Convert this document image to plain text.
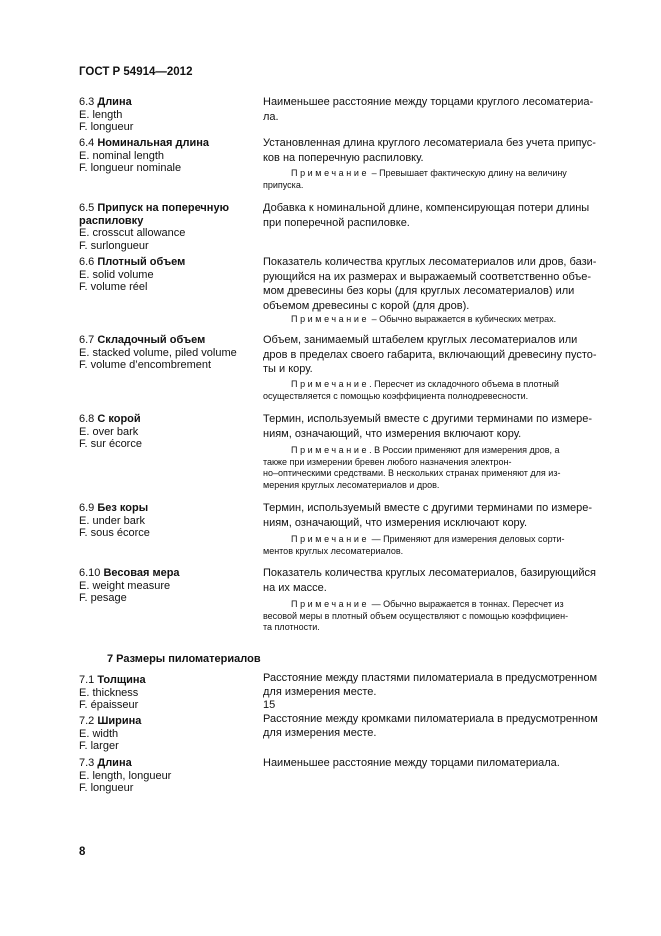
ГОСТ Р 54914—2012
6.3 Длина
E. length
F. longueur
Наименьшее расстояние между торцами круглого лесоматериа-
ла.
6.4 Номинальная длина
E. nominal length
F. longueur nominale
Установленная длина круглого лесоматериала без учета припус-
ков на поперечную распиловку.
Примечание – Превышает фактическую длину на величину
припуска.
6.5 Припуск на поперечную
распиловку
E. crosscut allowance
F. surlongueur
Добавка к номинальной длине, компенсирующая потери длины
при поперечной распиловке.
6.6 Плотный объем
E. solid volume
F. volume réel
Показатель количества круглых лесоматериалов или дров, бази-
рующийся на их размерах и выражаемый соответственно объе-
мом древесины без коры (для круглых лесоматериалов) или
объемом древесины с корой (для дров).
Примечание – Обычно выражается в кубических метрах.
6.7 Складочный объем
E. stacked volume, piled volume
F. volume d’encombrement
Объем, занимаемый штабелем круглых лесоматериалов или
дров в пределах своего габарита, включающий древесину пусто-
ты и кору.
Примечание. Пересчет из складочного объема в плотный
осуществляется с помощью коэффициента полнодревесности.
6.8 С корой
E. over bark
F. sur écorce
Термин, используемый вместе с другими терминами по измере-
ниям, означающий, что измерения включают кору.
Примечание. В России применяют для измерения дров, а
также при измерении бревен любого назначения электрон-
но–оптическими средствами. В нескольких странах применяют для из-
мерения круглых лесоматериалов и дров.
6.9 Без коры
E. under bark
F. sous écorce
Термин, используемый вместе с другими терминами по измере-
ниям, означающий, что измерения исключают кору.
Примечание — Применяют для измерения деловых сорти-
ментов круглых лесоматериалов.
6.10 Весовая мера
E. weight measure
F. pesage
Показатель количества круглых лесоматериалов, базирующийся
на их массе.
Примечание — Обычно выражается в тоннах. Пересчет из
весовой меры в плотный объем осуществляют с помощью коэффициен-
та плотности.
7 Размеры пиломатериалов
7.1 Толщина
E. thickness
F. épaisseur
Расстояние между пластями пиломатериала в предусмотренном
для измерения месте.
15
7.2 Ширина
E. width
F. larger
Расстояние между кромками пиломатериала в предусмотренном
для измерения месте.
7.3 Длина
E. length, longueur
F. longueur
Наименьшее расстояние между торцами пиломатериала.
8
